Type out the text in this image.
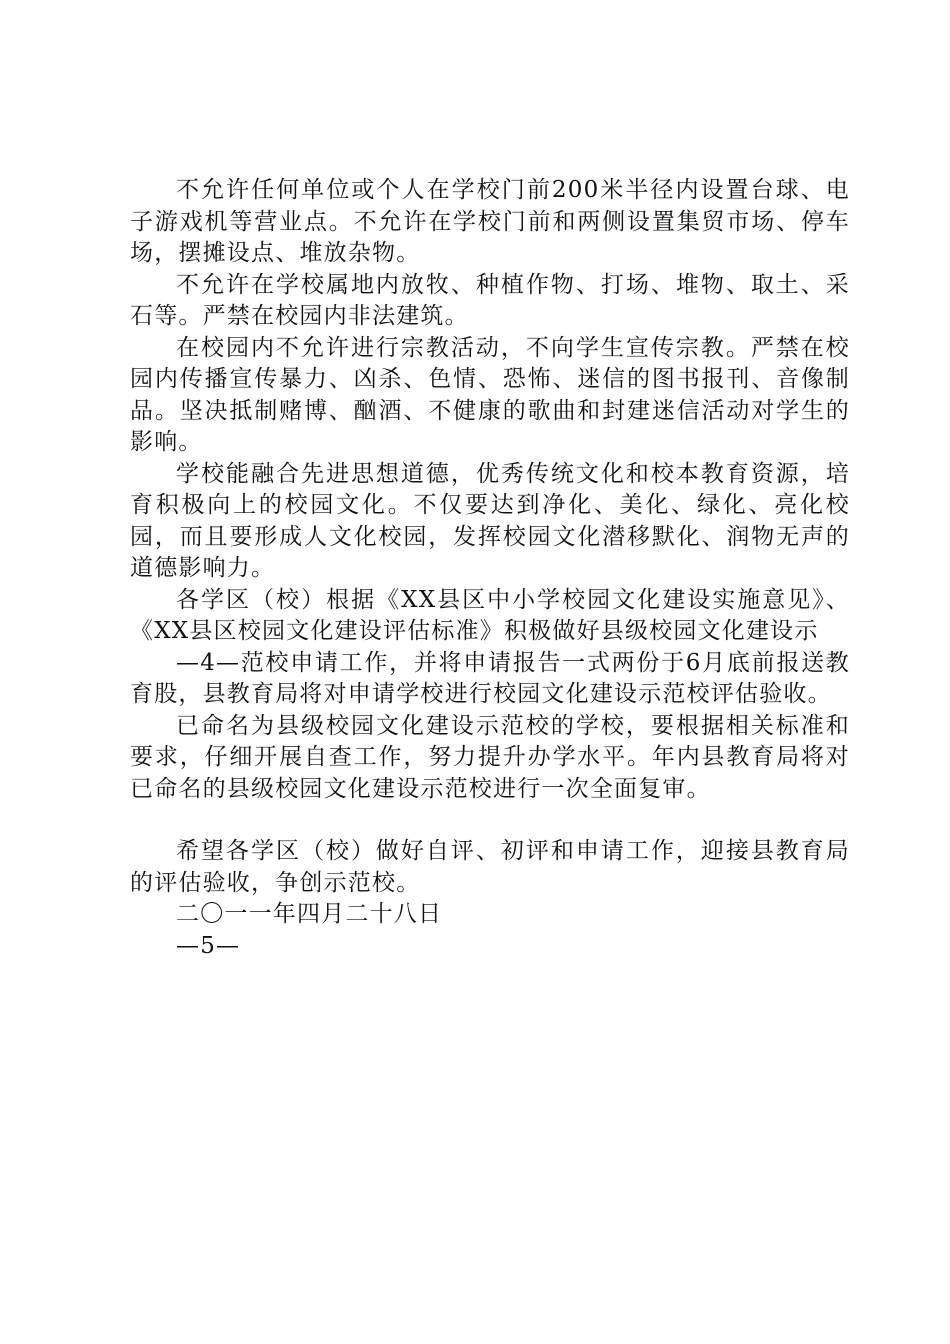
不允许任何单位或个人在学校门前200米半径内设置台球、电子游戏机等营业点。不允许在学校门前和两侧设置集贸市场、停车场，摆摊设点、堆放杂物。

不允许在学校属地内放牧、种植作物、打场、堆物、取土、采石等。严禁在校园内非法建筑。

在校园内不允许进行宗教活动，不向学生宣传宗教。严禁在校园内传播宣传暴力、凶杀、色情、恐怖、迷信的图书报刊、音像制品。坚决抵制赌博、酗酒、不健康的歌曲和封建迷信活动对学生的影响。

学校能融合先进思想道德，优秀传统文化和校本教育资源，培育积极向上的校园文化。不仅要达到净化、美化、绿化、亮化校园，而且要形成人文化校园，发挥校园文化潜移默化、润物无声的道德影响力。

各学区（校）根据《XX县区中小学校园文化建设实施意见》、《XX县区校园文化建设评估标准》积极做好县级校园文化建设示

—4—范校申请工作，并将申请报告一式两份于6月底前报送教育股，县教育局将对申请学校进行校园文化建设示范校评估验收。

已命名为县级校园文化建设示范校的学校，要根据相关标准和要求，仔细开展自查工作，努力提升办学水平。年内县教育局将对已命名的县级校园文化建设示范校进行一次全面复审。

希望各学区（校）做好自评、初评和申请工作，迎接县教育局的评估验收，争创示范校。

二〇一一年四月二十八日

—5—
